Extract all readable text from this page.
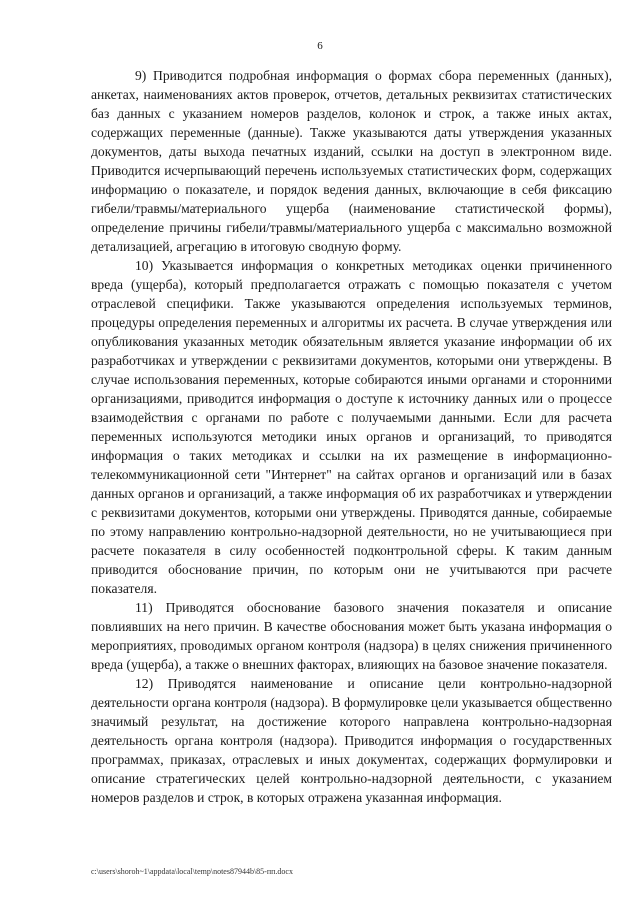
6

9) Приводится подробная информация о формах сбора переменных (данных), анкетах, наименованиях актов проверок, отчетов, детальных реквизитах статистических баз данных с указанием номеров разделов, колонок и строк, а также иных актах, содержащих переменные (данные). Также указываются даты утверждения указанных документов, даты выхода печатных изданий, ссылки на доступ в электронном виде. Приводится исчерпывающий перечень используемых статистических форм, содержащих информацию о показателе, и порядок ведения данных, включающие в себя фиксацию гибели/травмы/материального ущерба (наименование статистической формы), определение причины гибели/травмы/материального ущерба с максимально возможной детализацией, агрегацию в итоговую сводную форму.

10) Указывается информация о конкретных методиках оценки причиненного вреда (ущерба), который предполагается отражать с помощью показателя с учетом отраслевой специфики. Также указываются определения используемых терминов, процедуры определения переменных и алгоритмы их расчета. В случае утверждения или опубликования указанных методик обязательным является указание информации об их разработчиках и утверждении с реквизитами документов, которыми они утверждены. В случае использования переменных, которые собираются иными органами и сторонними организациями, приводится информация о доступе к источнику данных или о процессе взаимодействия с органами по работе с получаемыми данными. Если для расчета переменных используются методики иных органов и организаций, то приводятся информация о таких методиках и ссылки на их размещение в информационно-телекоммуникационной сети "Интернет" на сайтах органов и организаций или в базах данных органов и организаций, а также информация об их разработчиках и утверждении с реквизитами документов, которыми они утверждены. Приводятся данные, собираемые по этому направлению контрольно-надзорной деятельности, но не учитывающиеся при расчете показателя в силу особенностей подконтрольной сферы. К таким данным приводится обоснование причин, по которым они не учитываются при расчете показателя.

11) Приводятся обоснование базового значения показателя и описание повлиявших на него причин. В качестве обоснования может быть указана информация о мероприятиях, проводимых органом контроля (надзора) в целях снижения причиненного вреда (ущерба), а также о внешних факторах, влияющих на базовое значение показателя.

12) Приводятся наименование и описание цели контрольно-надзорной деятельности органа контроля (надзора). В формулировке цели указывается общественно значимый результат, на достижение которого направлена контрольно-надзорная деятельность органа контроля (надзора). Приводится информация о государственных программах, приказах, отраслевых и иных документах, содержащих формулировки и описание стратегических целей контрольно-надзорной деятельности, с указанием номеров разделов и строк, в которых отражена указанная информация.

c:\users\shoroh~1\appdata\local\temp\notes87944b\85-пп.docx
